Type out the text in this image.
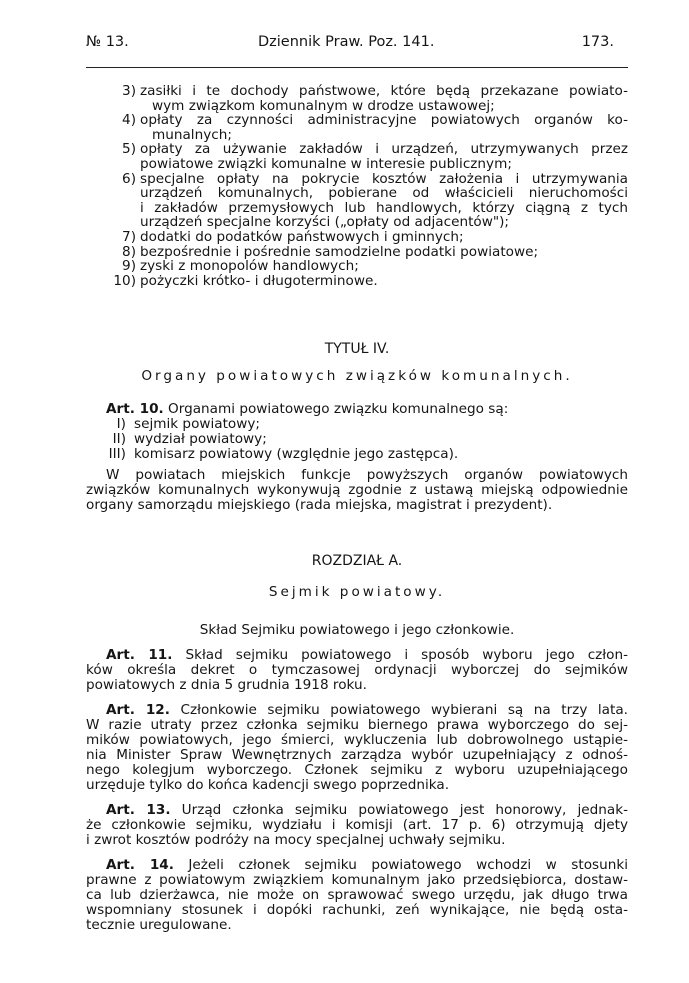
№ 13.	Dziennik Praw. Poz. 141.	173.
3) zasiłki i te dochody państwowe, które będą przekazane powiato-
wym związkom komunalnym w drodze ustawowej;
4) opłaty za czynności administracyjne powiatowych organów ko-
munalnych;
5) opłaty za używanie zakładów i urządzeń, utrzymywanych przez
powiatowe związki komunalne w interesie publicznym;
6) specjalne opłaty na pokrycie kosztów założenia i utrzymywania
urządzeń komunalnych, pobierane od właścicieli nieruchomości
i zakładów przemysłowych lub handlowych, którzy ciągną z tych
urządzeń specjalne korzyści („opłaty od adjacentów");
7) dodatki do podatków państwowych i gminnych;
8) bezpośrednie i pośrednie samodzielne podatki powiatowe;
9) zyski z monopolów handlowych;
10) pożyczki krótko- i długoterminowe.
TYTUŁ IV.
Organy powiatowych związków komunalnych.
Art. 10. Organami powiatowego związku komunalnego są:
I) sejmik powiatowy;
II) wydział powiatowy;
III) komisarz powiatowy (względnie jego zastępca).
W powiatach miejskich funkcje powyższych organów powiatowych
związków komunalnych wykonywują zgodnie z ustawą miejską odpowiednie
organy samorządu miejskiego (rada miejska, magistrat i prezydent).
ROZDZIAŁ A.
Sejmik powiatowy.
Skład Sejmiku powiatowego i jego członkowie.
Art. 11. Skład sejmiku powiatowego i sposób wyboru jego człon-
ków określa dekret o tymczasowej ordynacji wyborczej do sejmików
powiatowych z dnia 5 grudnia 1918 roku.
Art. 12. Członkowie sejmiku powiatowego wybierani są na trzy lata.
W razie utraty przez członka sejmiku biernego prawa wyborczego do sej-
mików powiatowych, jego śmierci, wykluczenia lub dobrowolnego ustąpie-
nia Minister Spraw Wewnętrznych zarządza wybór uzupełniający z odnoś-
nego kolegjum wyborczego. Członek sejmiku z wyboru uzupełniającego
urzęduje tylko do końca kadencji swego poprzednika.
Art. 13. Urząd członka sejmiku powiatowego jest honorowy, jednak-
że członkowie sejmiku, wydziału i komisji (art. 17 p. 6) otrzymują djety
i zwrot kosztów podróży na mocy specjalnej uchwały sejmiku.
Art. 14. Jeżeli członek sejmiku powiatowego wchodzi w stosunki
prawne z powiatowym związkiem komunalnym jako przedsiębiorca, dostaw-
ca lub dzierżawca, nie może on sprawować swego urzędu, jak długo trwa
wspomniany stosunek i dopóki rachunki, zeń wynikające, nie będą osta-
tecznie uregulowane.
